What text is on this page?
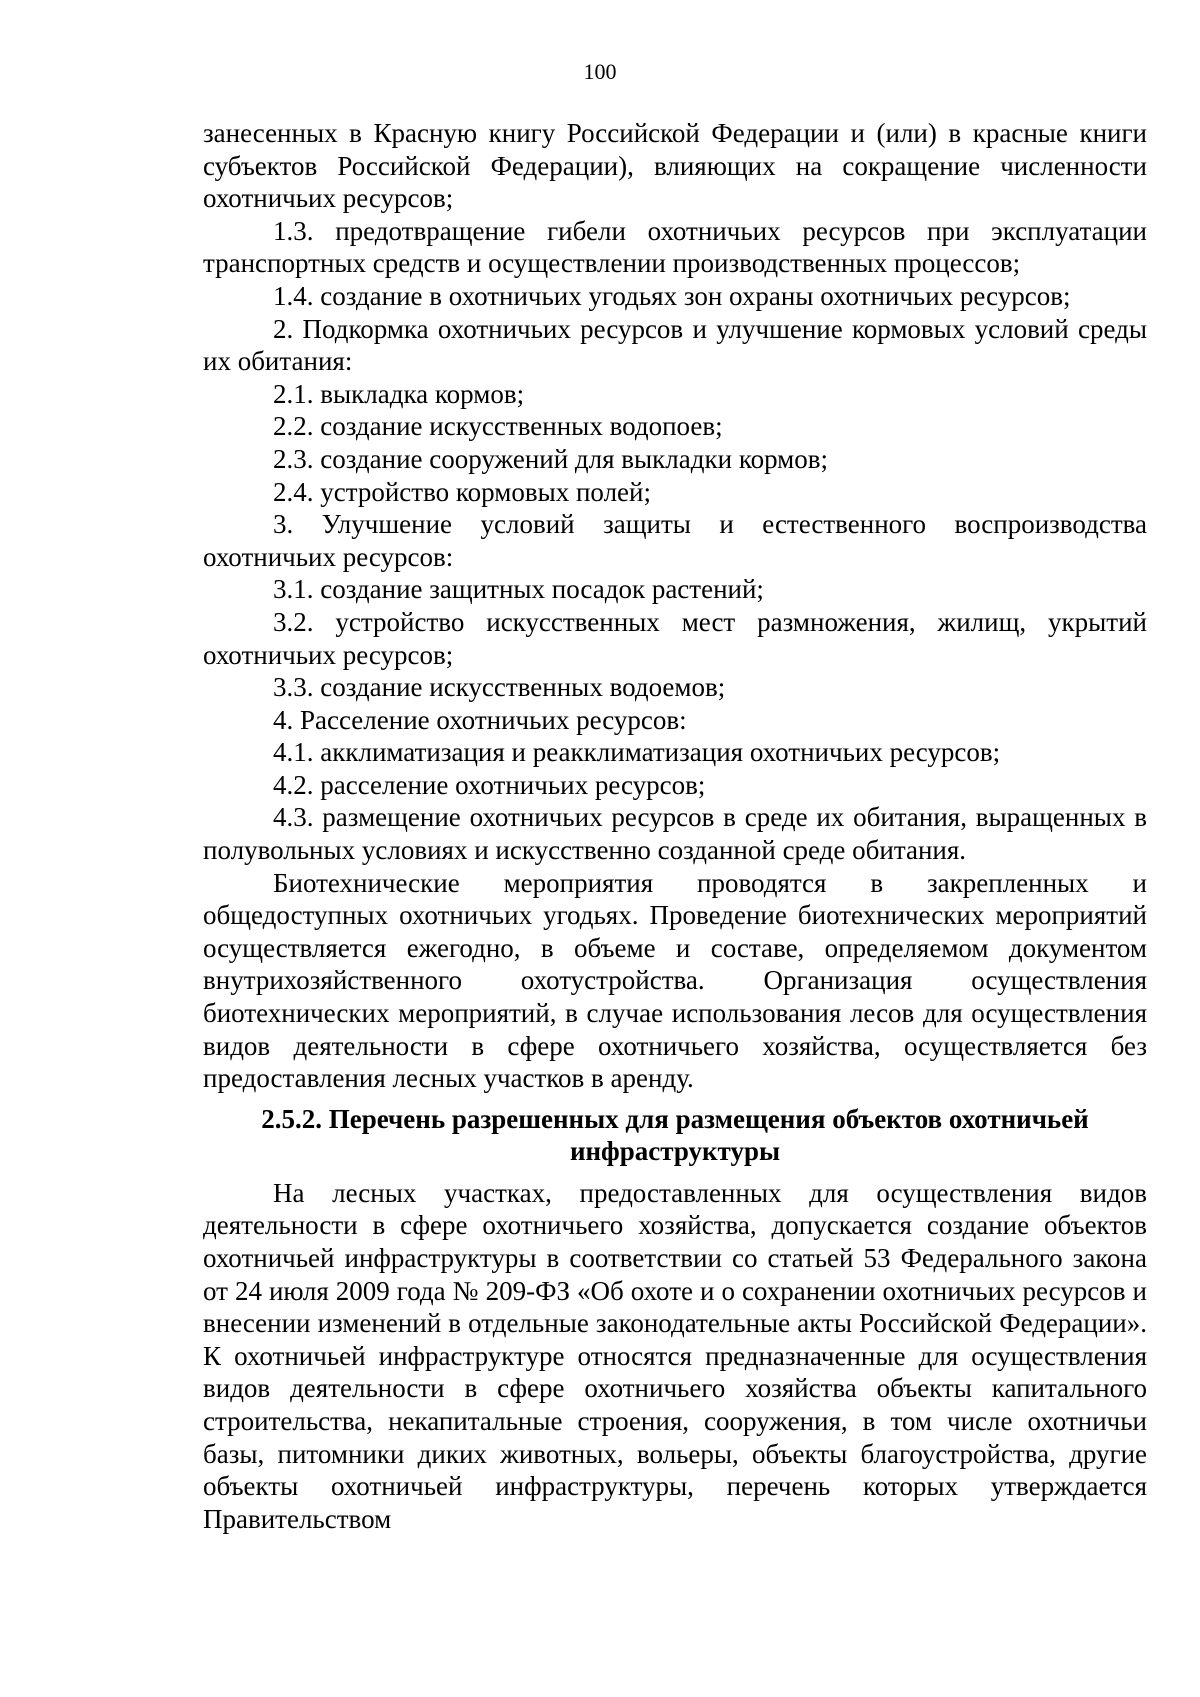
100

занесенных в Красную книгу Российской Федерации и (или) в красные книги субъектов Российской Федерации), влияющих на сокращение численности охотничьих ресурсов;

1.3. предотвращение гибели охотничьих ресурсов при эксплуатации транспортных средств и осуществлении производственных процессов;

1.4. создание в охотничьих угодьях зон охраны охотничьих ресурсов;

2. Подкормка охотничьих ресурсов и улучшение кормовых условий среды их обитания:

2.1. выкладка кормов;

2.2. создание искусственных водопоев;

2.3. создание сооружений для выкладки кормов;

2.4. устройство кормовых полей;

3. Улучшение условий защиты и естественного воспроизводства охотничьих ресурсов:

3.1. создание защитных посадок растений;

3.2. устройство искусственных мест размножения, жилищ, укрытий охотничьих ресурсов;

3.3. создание искусственных водоемов;

4. Расселение охотничьих ресурсов:

4.1. акклиматизация и реакклиматизация охотничьих ресурсов;

4.2. расселение охотничьих ресурсов;

4.3. размещение охотничьих ресурсов в среде их обитания, выращенных в полувольных условиях и искусственно созданной среде обитания.

Биотехнические мероприятия проводятся в закрепленных и общедоступных охотничьих угодьях. Проведение биотехнических мероприятий осуществляется ежегодно, в объеме и составе, определяемом документом внутрихозяйственного охотустройства. Организация осуществления биотехнических мероприятий, в случае использования лесов для осуществления видов деятельности в сфере охотничьего хозяйства, осуществляется без предоставления лесных участков в аренду.

2.5.2. Перечень разрешенных для размещения объектов охотничьей инфраструктуры

На лесных участках, предоставленных для осуществления видов деятельности в сфере охотничьего хозяйства, допускается создание объектов охотничьей инфраструктуры в соответствии со статьей 53 Федерального закона от 24 июля 2009 года № 209-ФЗ «Об охоте и о сохранении охотничьих ресурсов и внесении изменений в отдельные законодательные акты Российской Федерации». К охотничьей инфраструктуре относятся предназначенные для осуществления видов деятельности в сфере охотничьего хозяйства объекты капитального строительства, некапитальные строения, сооружения, в том числе охотничьи базы, питомники диких животных, вольеры, объекты благоустройства, другие объекты охотничьей инфраструктуры, перечень которых утверждается Правительством
